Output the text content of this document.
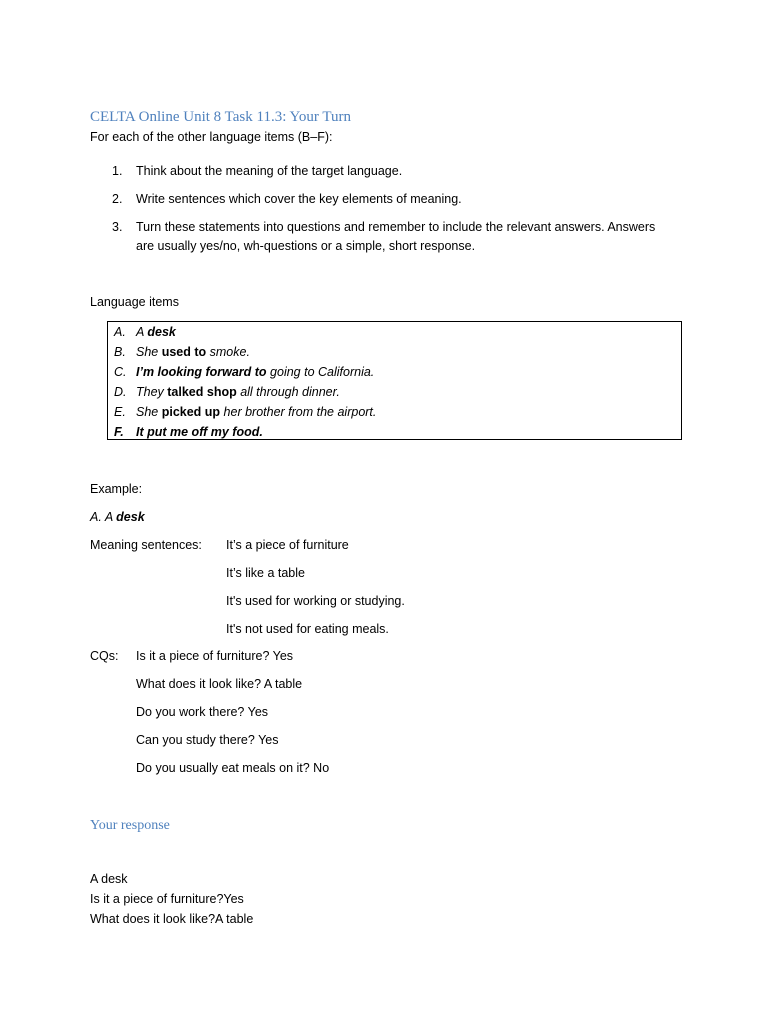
CELTA Online Unit 8 Task 11.3: Your Turn
For each of the other language items (B–F):
1. Think about the meaning of the target language.
2. Write sentences which cover the key elements of meaning.
3. Turn these statements into questions and remember to include the relevant answers. Answers
are usually yes/no, wh-questions or a simple, short response.
Language items
A. A desk
B. She used to smoke.
C. I’m looking forward to going to California.
D. They talked shop all through dinner.
E. She picked up her brother from the airport.
F. It put me off my food.
Example:
A. A desk
Meaning sentences: It’s a piece of furniture
It’s like a table
It's used for working or studying.
It's not used for eating meals.
CQs: Is it a piece of furniture? Yes
What does it look like? A table
Do you work there? Yes
Can you study there? Yes
Do you usually eat meals on it? No
Your response
A desk
Is it a piece of furniture?Yes
What does it look like?A table
